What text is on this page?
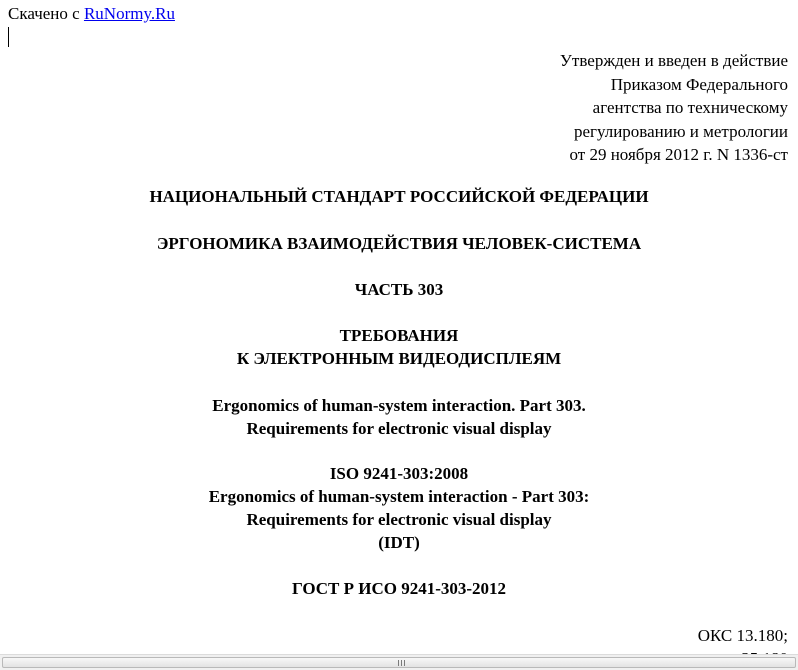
Скачено с RuNormy.Ru
Утвержден и введен в действие
Приказом Федерального
агентства по техническому
регулированию и метрологии
от 29 ноября 2012 г. N 1336-ст
НАЦИОНАЛЬНЫЙ СТАНДАРТ РОССИЙСКОЙ ФЕДЕРАЦИИ
ЭРГОНОМИКА ВЗАИМОДЕЙСТВИЯ ЧЕЛОВЕК-СИСТЕМА
ЧАСТЬ 303
ТРЕБОВАНИЯ
К ЭЛЕКТРОННЫМ ВИДЕОДИСПЛЕЯМ
Ergonomics of human-system interaction. Part 303.
Requirements for electronic visual display
ISO 9241-303:2008
Ergonomics of human-system interaction - Part 303:
Requirements for electronic visual display
(IDT)
ГОСТ Р ИСО 9241-303-2012
ОКС 13.180;
